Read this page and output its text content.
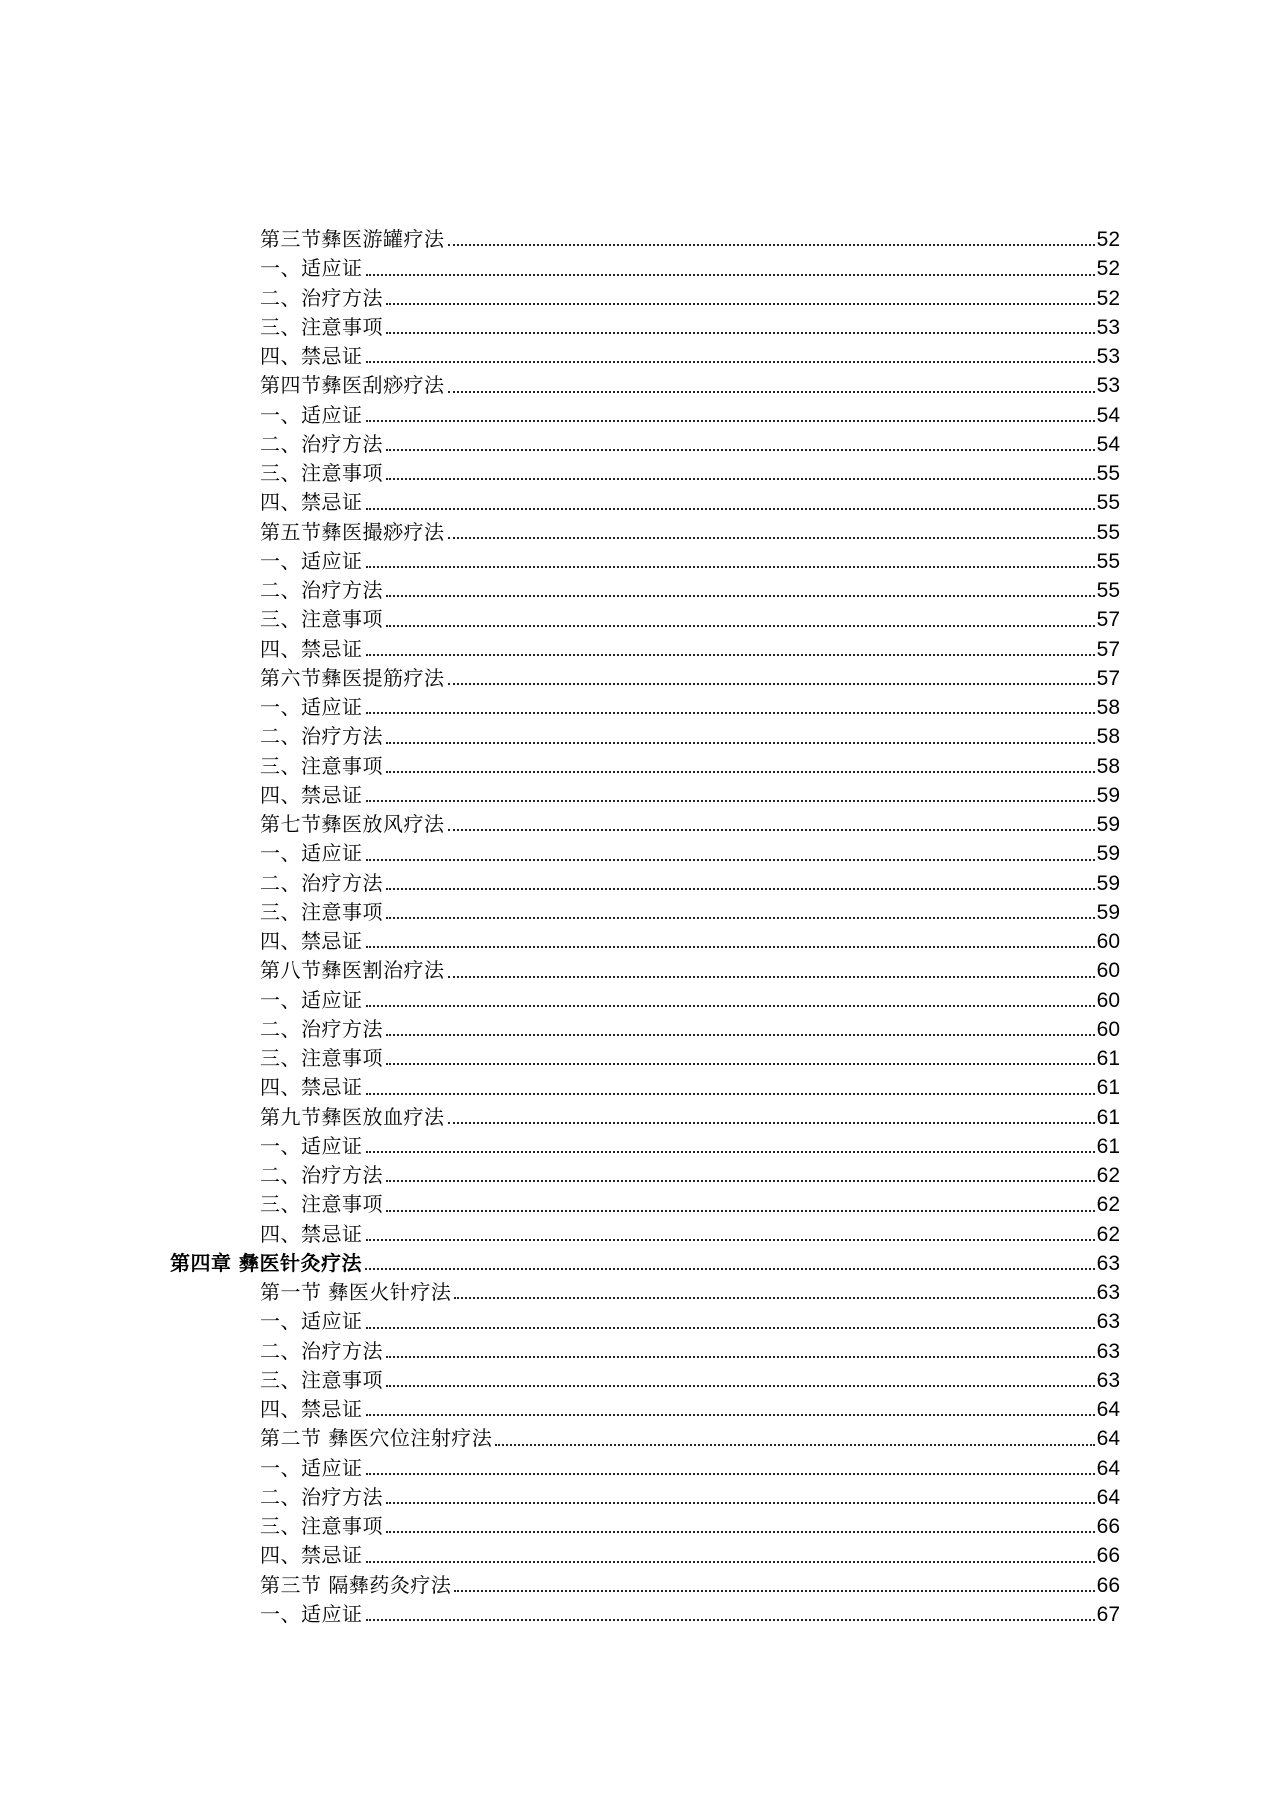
第三节彝医游罐疗法	52
一、适应证	52
二、治疗方法	52
三、注意事项	53
四、禁忌证	53
第四节彝医刮痧疗法	53
一、适应证	54
二、治疗方法	54
三、注意事项	55
四、禁忌证	55
第五节彝医撮痧疗法	55
一、适应证	55
二、治疗方法	55
三、注意事项	57
四、禁忌证	57
第六节彝医提筋疗法	57
一、适应证	58
二、治疗方法	58
三、注意事项	58
四、禁忌证	59
第七节彝医放风疗法	59
一、适应证	59
二、治疗方法	59
三、注意事项	59
四、禁忌证	60
第八节彝医割治疗法	60
一、适应证	60
二、治疗方法	60
三、注意事项	61
四、禁忌证	61
第九节彝医放血疗法	61
一、适应证	61
二、治疗方法	62
三、注意事项	62
四、禁忌证	62
第四章 彝医针灸疗法	63
第一节 彝医火针疗法	63
一、适应证	63
二、治疗方法	63
三、注意事项	63
四、禁忌证	64
第二节 彝医穴位注射疗法	64
一、适应证	64
二、治疗方法	64
三、注意事项	66
四、禁忌证	66
第三节 隔彝药灸疗法	66
一、适应证	67
